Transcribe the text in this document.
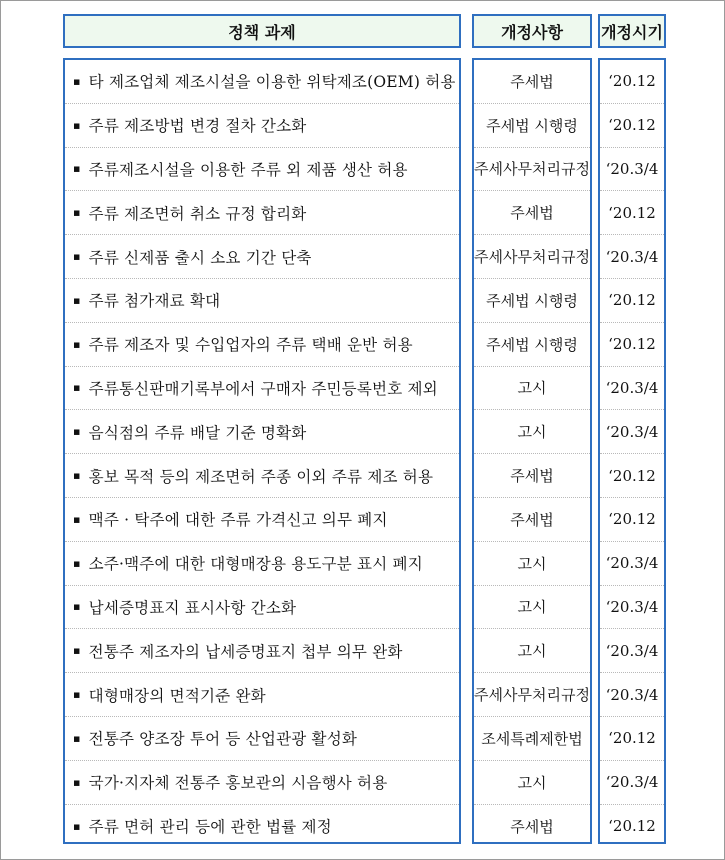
정책 과제	개정사항	개정시기
▪ 타 제조업체 제조시설을 이용한 위탁제조(OEM) 허용
▪ 주류 제조방법 변경 절차 간소화
▪ 주류제조시설을 이용한 주류 외 제품 생산 허용
▪ 주류 제조면허 취소 규정 합리화
▪ 주류 신제품 출시 소요 기간 단축
▪ 주류 첨가재료 확대
▪ 주류 제조자 및 수입업자의 주류 택배 운반 허용
▪ 주류통신판매기록부에서 구매자 주민등록번호 제외
▪ 음식점의 주류 배달 기준 명확화
▪ 홍보 목적 등의 제조면허 주종 이외 주류 제조 허용
▪ 맥주 · 탁주에 대한 주류 가격신고 의무 폐지
▪ 소주·맥주에 대한 대형매장용 용도구분 표시 폐지
▪ 납세증명표지 표시사항 간소화
▪ 전통주 제조자의 납세증명표지 첩부 의무 완화
▪ 대형매장의 면적기준 완화
▪ 전통주 양조장 투어 등 산업관광 활성화
▪ 국가·지자체 전통주 홍보관의 시음행사 허용
▪ 주류 면허 관리 등에 관한 법률 제정
주세법
주세법 시행령
주세사무처리규정
주세법
주세사무처리규정
주세법 시행령
주세법 시행령
고시
고시
주세법
주세법
고시
고시
고시
주세사무처리규정
조세특례제한법
고시
주세법
‘20.12
‘20.12
‘20.3/4
‘20.12
‘20.3/4
‘20.12
‘20.12
‘20.3/4
‘20.3/4
‘20.12
‘20.12
‘20.3/4
‘20.3/4
‘20.3/4
‘20.3/4
‘20.12
‘20.3/4
‘20.12
